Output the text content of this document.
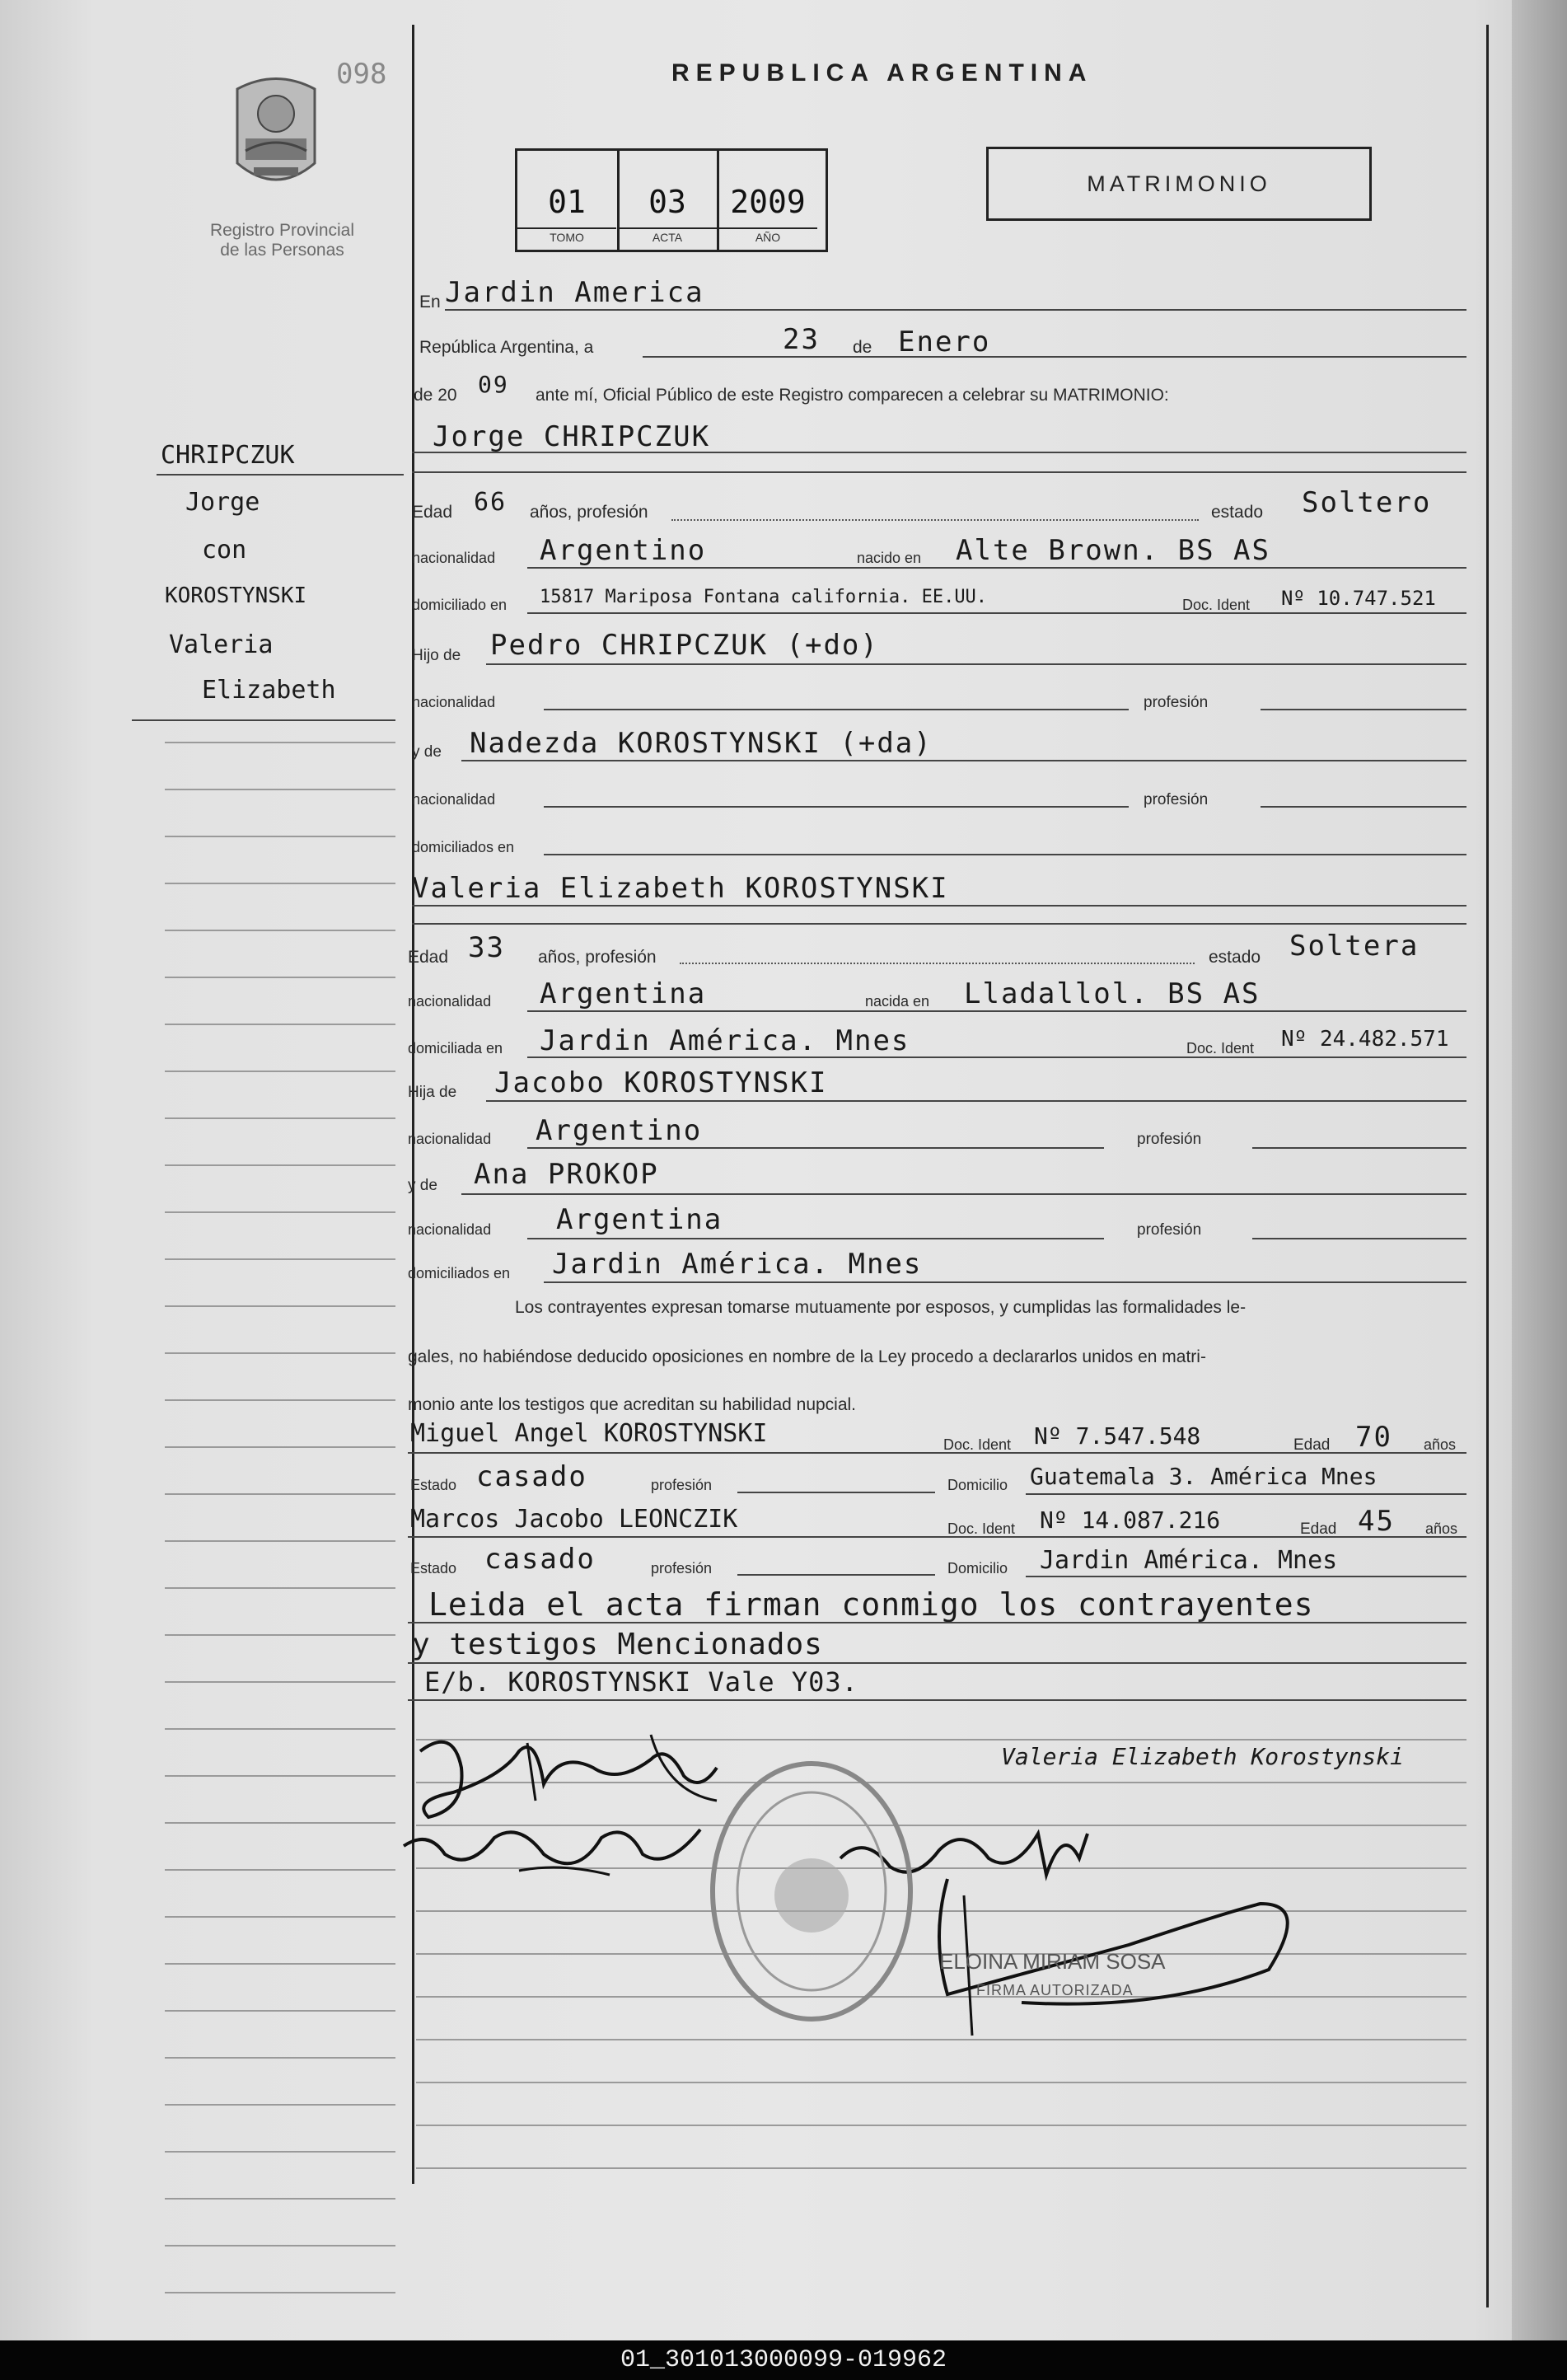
098
Registro Provincial
de las Personas
REPUBLICA ARGENTINA
01	03	2009
TOMO	ACTA	AÑO
MATRIMONIO
CHRIPCZUK
Jorge
con
KOROSTYNSKI
Valeria
Elizabeth
En Jardin America
República Argentina, a	23 de Enero
de 20 09 ante mí, Oficial Público de este Registro comparecen a celebrar su MATRIMONIO:
Jorge CHRIPCZUK
Edad 66 años, profesión	estado Soltero
nacionalidad Argentino	nacido en Alte Brown. BS AS
domiciliado en 15817 Mariposa Fontana california. EE.UU.	Doc. Ident Nº 10.747.521
Hijo de Pedro CHRIPCZUK (+do)
nacionalidad	profesión
y de Nadezda KOROSTYNSKI (+da)
nacionalidad	profesión
domiciliados en
Valeria Elizabeth KOROSTYNSKI
Edad 33 años, profesión	estado Soltera
nacionalidad Argentina	nacida en Lladallol. BS AS
domiciliada en Jardin América. Mnes	Doc. Ident Nº 24.482.571
Hija de Jacobo KOROSTYNSKI
nacionalidad Argentino	profesión
y de Ana PROKOP
nacionalidad Argentina	profesión
domiciliados en Jardin América. Mnes
Los contrayentes expresan tomarse mutuamente por esposos, y cumplidas las formalidades le-
gales, no habiéndose deducido oposiciones en nombre de la Ley procedo a declararlos unidos en matri-
monio ante los testigos que acreditan su habilidad nupcial.
Miguel Angel KOROSTYNSKI	Doc. Ident Nº 7.547.548	Edad 70 años
Estado casado	profesión	Domicilio Guatemala 3. América Mnes
Marcos Jacobo LEONCZIK	Doc. Ident Nº 14.087.216	Edad 45 años
Estado casado	profesión	Domicilio Jardin América. Mnes
Leida el acta firman conmigo los contrayentes
y testigos Mencionados
E/b. KOROSTYNSKI Vale Y03.
Valeria Elizabeth Korostynski
ELOINA MIRIAM SOSA
FIRMA AUTORIZADA
01_301013000099-019962
